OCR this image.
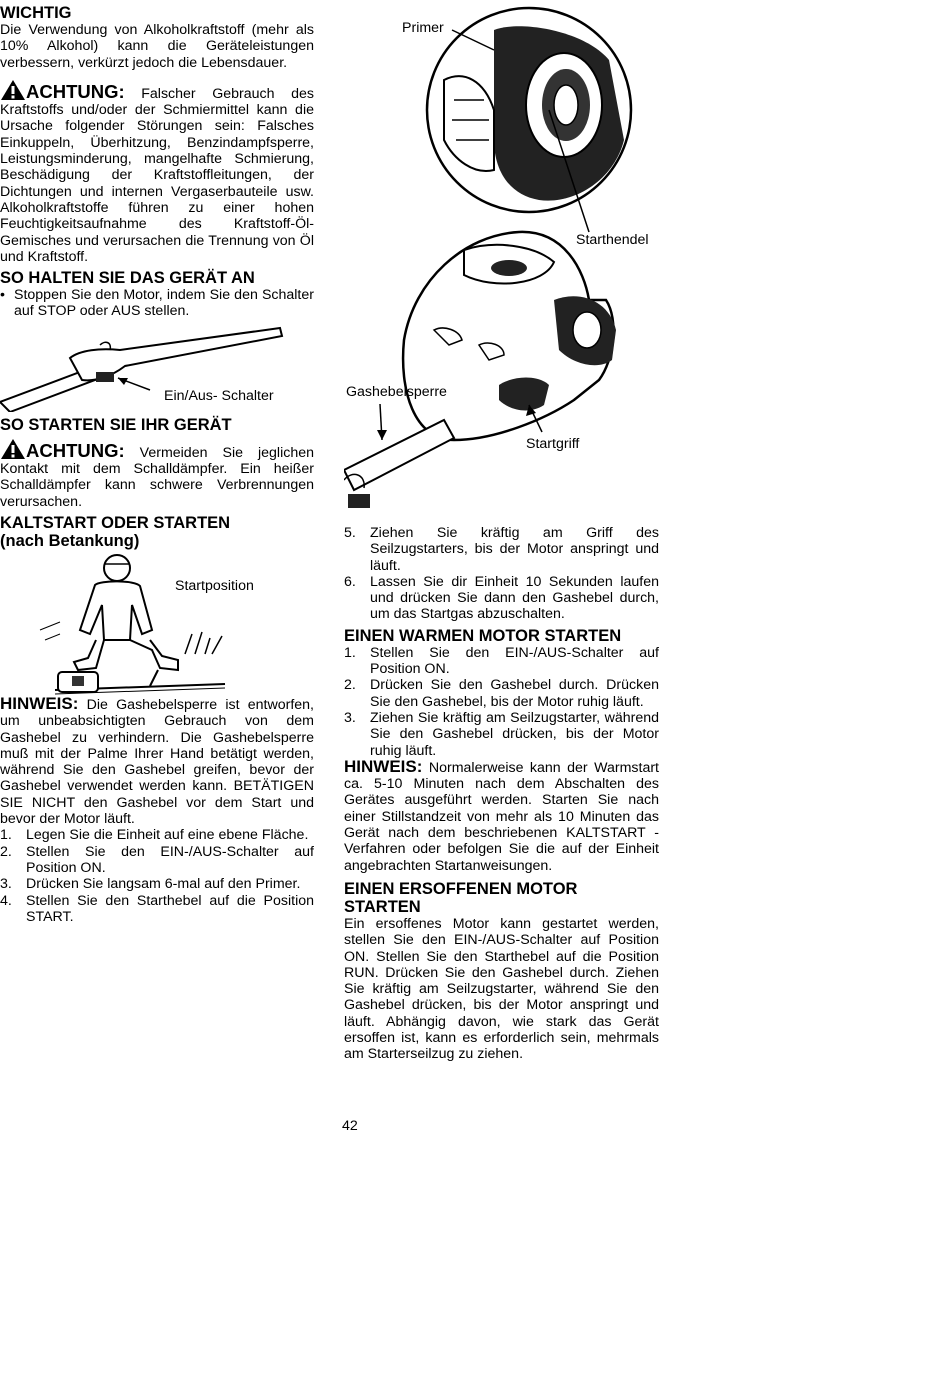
WICHTIG

Die Verwendung von Alkoholkraftstoff (mehr als 10% Alkohol) kann die Geräteleistungen verbessern, verkürzt jedoch die Lebensdauer.

ACHTUNG: Falscher Gebrauch des Kraftstoffs und/oder der Schmiermittel kann die Ursache folgender Störungen sein: Falsches Einkuppeln, Überhitzung, Benzindampfsperre, Leistungsminderung, mangelhafte Schmierung, Beschädigung der Kraftstoffleitungen, der Dichtungen und internen Vergaserbauteile usw. Alkoholkraftstoffe führen zu einer hohen Feuchtigkeitsaufnahme des Kraftstoff-Öl-Gemisches und verursachen die Trennung von Öl und Kraftstoff.

SO HALTEN SIE DAS GERÄT AN
• Stoppen Sie den Motor, indem Sie den Schalter auf STOP oder AUS stellen.
Ein/Aus- Schalter
SO STARTEN SIE IHR GERÄT

ACHTUNG: Vermeiden Sie jeglichen Kontakt mit dem Schalldämpfer. Ein heißer Schalldämpfer kann schwere Verbrennungen verursachen.

KALTSTART ODER STARTEN
(nach Betankung)
Startposition

HINWEIS: Die Gashebelsperre ist entworfen, um unbeabsichtigten Gebrauch von dem Gashebel zu verhindern. Die Gashebelsperre muß mit der Palme Ihrer Hand betätigt werden, während Sie den Gashebel greifen, bevor der Gashebel verwendet werden kann. BETÄTIGEN SIE NICHT den Gashebel vor dem Start und bevor der Motor läuft.

1. Legen Sie die Einheit auf eine ebene Fläche.
2. Stellen Sie den EIN-/AUS-Schalter auf Position ON.
3. Drücken Sie langsam 6-mal auf den Primer.
4. Stellen Sie den Starthebel auf die Position START.
Primer
Starthendel
Gashebelsperre
Startgriff
5. Ziehen Sie kräftig am Griff des Seilzugstarters, bis der Motor anspringt und läuft.
6. Lassen Sie dir Einheit 10 Sekunden laufen und drücken Sie dann den Gashebel durch, um das Startgas abzuschalten.
EINEN WARMEN MOTOR STARTEN
1. Stellen Sie den EIN-/AUS-Schalter auf Position ON.
2. Drücken Sie den Gashebel durch. Drücken Sie den Gashebel, bis der Motor ruhig läuft.
3. Ziehen Sie kräftig am Seilzugstarter, während Sie den Gashebel drücken, bis der Motor ruhig läuft.

HINWEIS: Normalerweise kann der Warmstart ca. 5-10 Minuten nach dem Abschalten des Gerätes ausgeführt werden. Starten Sie nach einer Stillstandzeit von mehr als 10 Minuten das Gerät nach dem beschriebenen KALTSTART - Verfahren oder befolgen Sie die auf der Einheit angebrachten Startanweisungen.

EINEN ERSOFFENEN MOTOR
STARTEN

Ein ersoffenes Motor kann gestartet werden, stellen Sie den EIN-/AUS-Schalter auf Position ON. Stellen Sie den Starthebel auf die Position RUN. Drücken Sie den Gashebel durch. Ziehen Sie kräftig am Seilzugstarter, während Sie den Gashebel drücken, bis der Motor anspringt und läuft. Abhängig davon, wie stark das Gerät ersoffen ist, kann es erforderlich sein, mehrmals am Starterseilzug zu ziehen.

42
